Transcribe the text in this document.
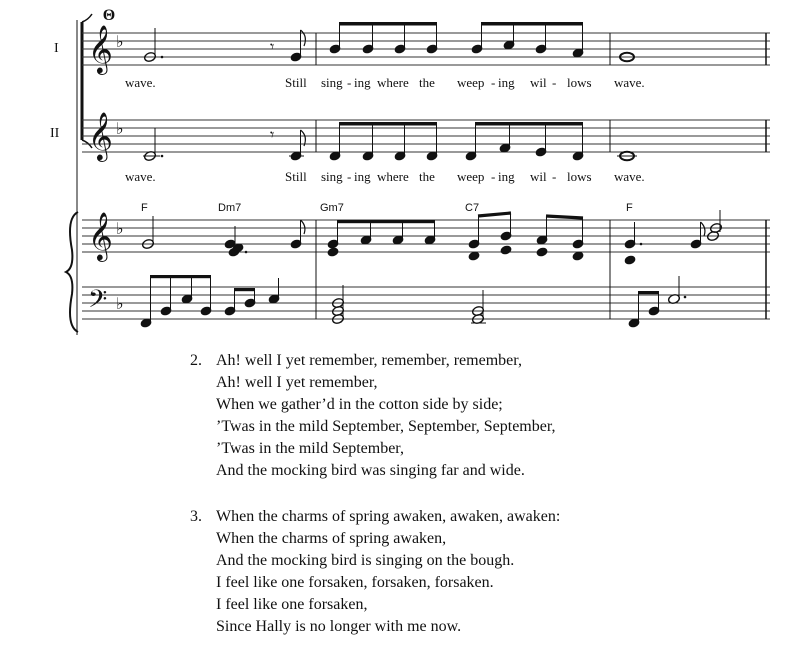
Θ
I
II
𝄞
𝄞
𝄞
𝄢
♭
♭
♭
♭
𝄾
𝄾
wave.	Still sing - ing where the weep - ing wil - lows wave.
wave.	Still sing - ing where the weep - ing wil - lows wave.
F	Dm7	Gm7	C7	F
2. Ah! well I yet remember, remember, remember,
Ah! well I yet remember,
When we gather’d in the cotton side by side;
’Twas in the mild September, September, September,
’Twas in the mild September,
And the mocking bird was singing far and wide.
3. When the charms of spring awaken, awaken, awaken:
When the charms of spring awaken,
And the mocking bird is singing on the bough.
I feel like one forsaken, forsaken, forsaken.
I feel like one forsaken,
Since Hally is no longer with me now.
